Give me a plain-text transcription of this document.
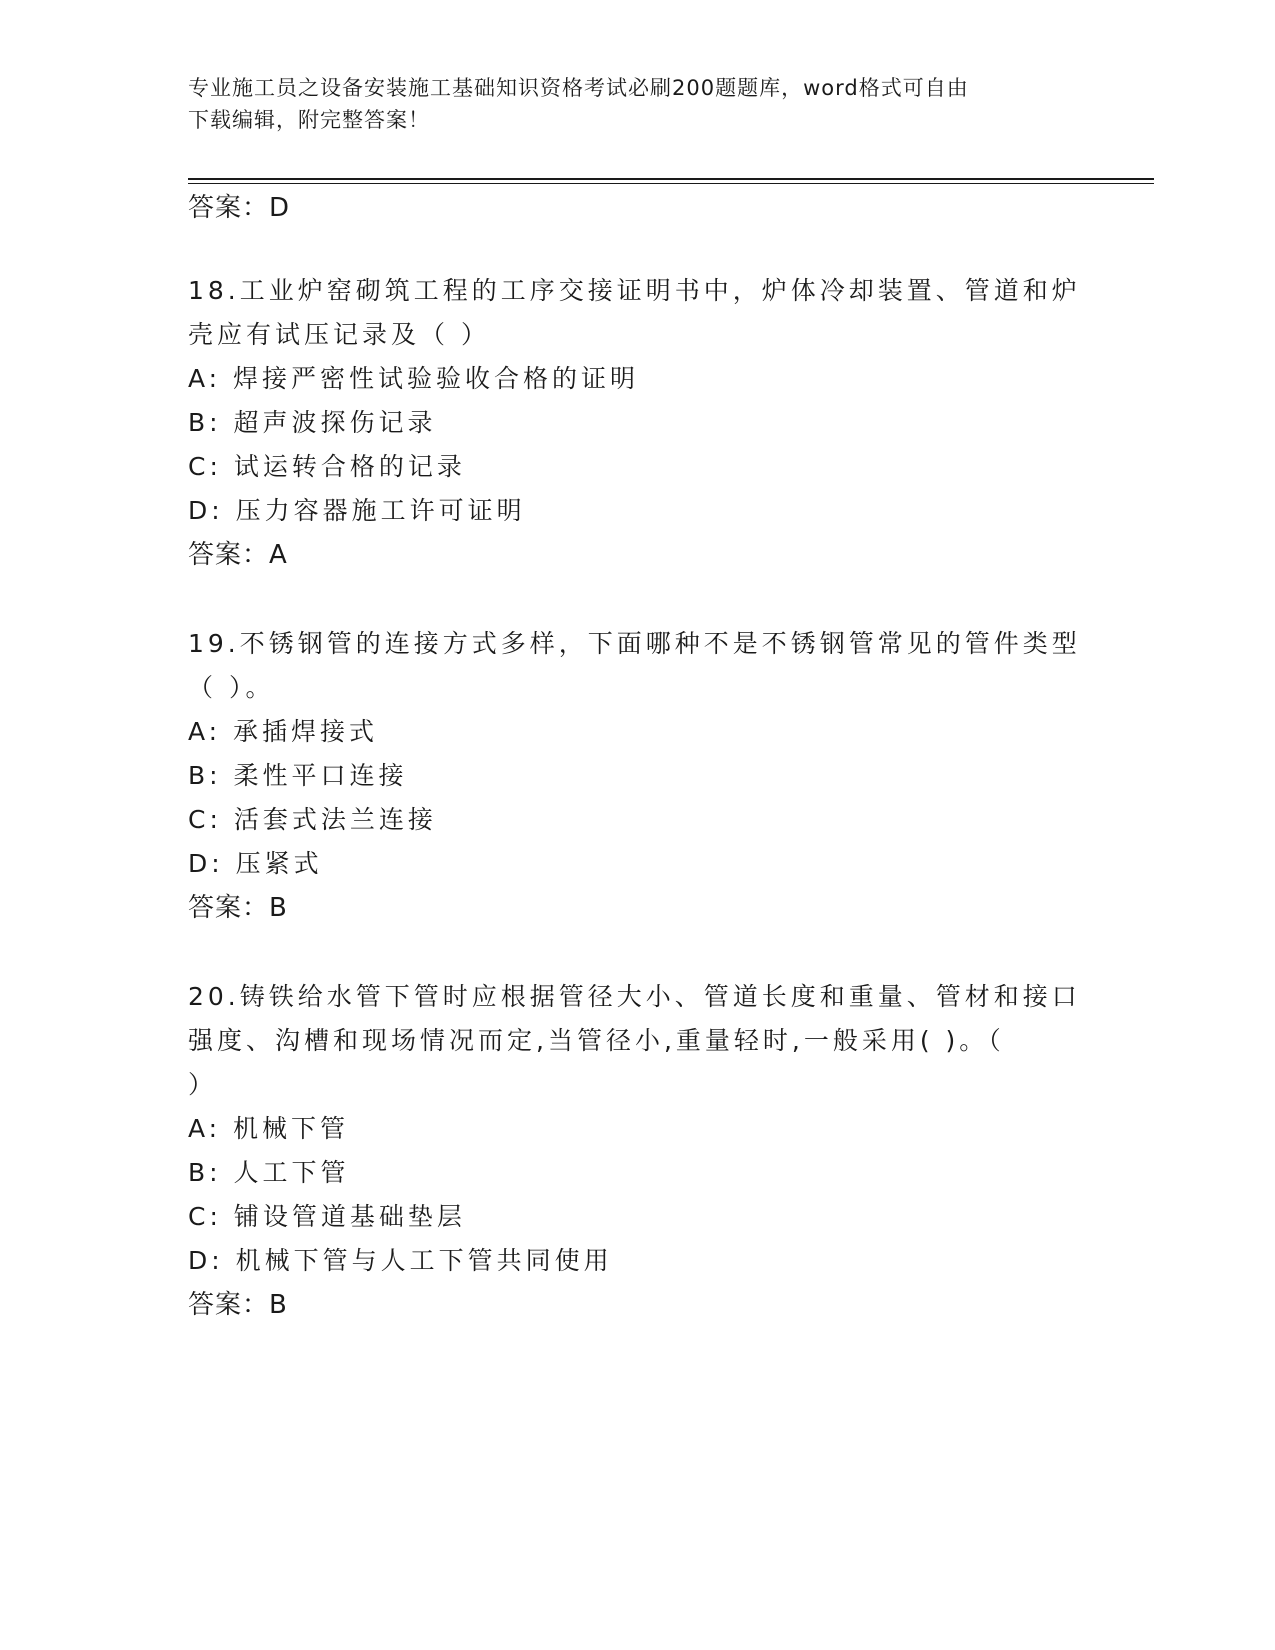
专业施工员之设备安装施工基础知识资格考试必刷200题题库，word格式可自由
下载编辑，附完整答案！
答案：D
18.工业炉窑砌筑工程的工序交接证明书中，炉体冷却装置、管道和炉
壳应有试压记录及（ ）
A: 焊接严密性试验验收合格的证明
B: 超声波探伤记录
C: 试运转合格的记录
D: 压力容器施工许可证明
答案：A
19.不锈钢管的连接方式多样，下面哪种不是不锈钢管常见的管件类型
（ ）。
A: 承插焊接式
B: 柔性平口连接
C: 活套式法兰连接
D: 压紧式
答案：B
20.铸铁给水管下管时应根据管径大小、管道长度和重量、管材和接口
强度、沟槽和现场情况而定,当管径小,重量轻时,一般采用( )。（
）
A: 机械下管
B: 人工下管
C: 铺设管道基础垫层
D: 机械下管与人工下管共同使用
答案：B
